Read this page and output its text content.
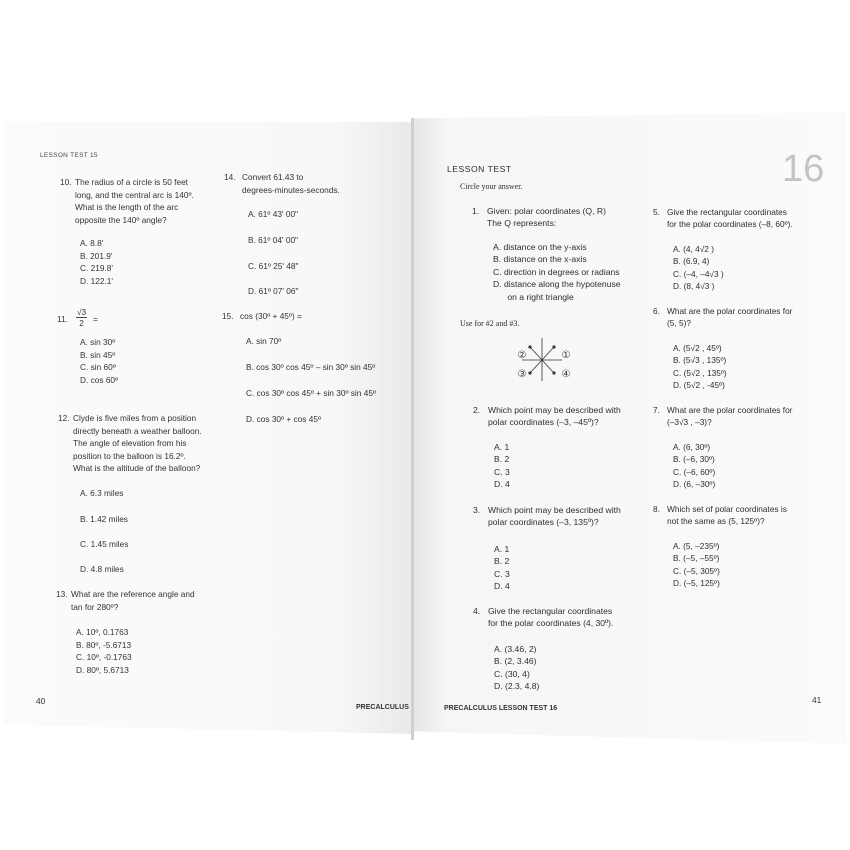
LESSON TEST 15
10. The radius of a circle is 50 feet
long, and the central arc is 140º.
What is the length of the arc
opposite the 140º angle?
A. 8.8'
B. 201.9'
C. 219.8'
D. 122.1'
11.
√3
2	=
A. sin 30º
B. sin 45º
C. sin 60º
D. cos 60º
12. Clyde is five miles from a position
directly beneath a weather balloon.
The angle of elevation from his
position to the balloon is 16.2º.
What is the altitude of the balloon?
A. 6.3 miles
B. 1.42 miles
C. 1.45 miles
D. 4.8 miles
13. What are the reference angle and
tan for 280º?
A. 10º, 0.1763
B. 80º, -5.6713
C. 10º, -0.1763
D. 80º, 5.6713
14. Convert 61.43 to
degrees-minutes-seconds.
A. 61º 43' 00"
B. 61º 04' 00"
C. 61º 25' 48"
D. 61º 07' 06"
15. cos (30º + 45º) =
A. sin 70º
B. cos 30º cos 45º – sin 30º sin 45º
C. cos 30º cos 45º + sin 30º sin 45º
D. cos 30º + cos 45º
40
PRECALCULUS
LESSON TEST	16
Circle your answer.
1. Given: polar coordinates (Q, R)
The Q represents:
A. distance on the y-axis
B. distance on the x-axis
C. direction in degrees or radians
D. distance along the hypotenuse
on a right triangle
Use for #2 and #3.
②	①
③	④
2. Which point may be described with
polar coordinates (–3, –45º)?
A. 1
B. 2
C. 3
D. 4
3. Which point may be described with
polar coordinates (–3, 135º)?
A. 1
B. 2
C. 3
D. 4
4. Give the rectangular coordinates
for the polar coordinates (4, 30º).
A. (3.46, 2)
B. (2, 3.46)
C. (30, 4)
D. (2.3, 4.8)
5. Give the rectangular coordinates
for the polar coordinates (–8, 60º).
A. (4, 4√2 )
B. (6.9, 4)
C. (–4, –4√3 )
D. (8, 4√3 )
6. What are the polar coordinates for
(5, 5)?
A. (5√2 , 45º)
B. (5√3 , 135º)
C. (5√2 , 135º)
D. (5√2 , -45º)
7. What are the polar coordinates for
(–3√3 , –3)?
A. (6, 30º)
B. (–6, 30º)
C. (–6, 60º)
D. (6, –30º)
8. Which set of polar coordinates is
not the same as (5, 125º)?
A. (5, –235º)
B. (–5, –55º)
C. (–5, 305º)
D. (–5, 125º)
PRECALCULUS LESSON TEST 16
41
